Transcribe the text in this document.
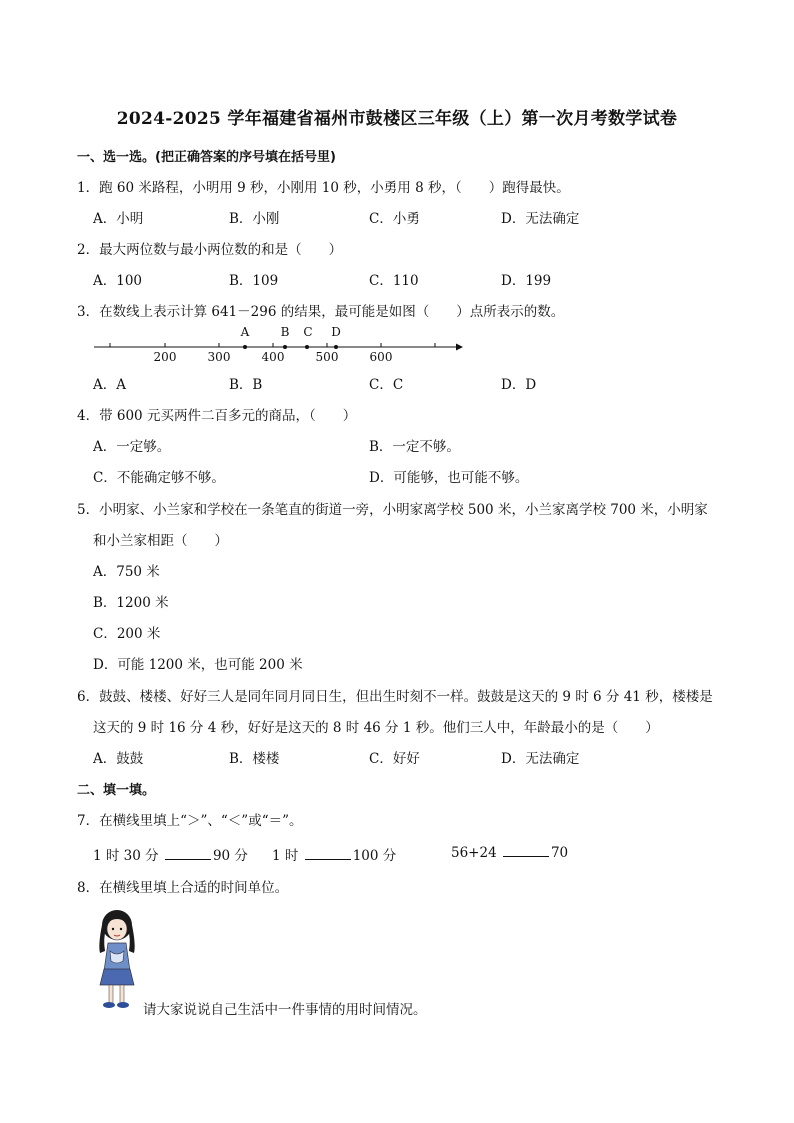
2024-2025 学年福建省福州市鼓楼区三年级（上）第一次月考数学试卷
一、选一选。(把正确答案的序号填在括号里)
1．跑 60 米路程，小明用 9 秒，小刚用 10 秒，小勇用 8 秒，（　　）跑得最快。
A．小明	B．小刚	C．小勇	D．无法确定
2．最大两位数与最小两位数的和是（　　）
A．100	B．109	C．110	D．199
3．在数线上表示计算 641－296 的结果，最可能是如图（　　）点所表示的数。
200	300	400	500	600
A	B C D
A．A	B．B	C．C	D．D
4．带 600 元买两件二百多元的商品，（　　）
A．一定够。	B．一定不够。
C．不能确定够不够。	D．可能够，也可能不够。
5．小明家、小兰家和学校在一条笔直的街道一旁，小明家离学校 500 米，小兰家离学校 700 米，小明家
和小兰家相距（　　）
A．750 米
B．1200 米
C．200 米
D．可能 1200 米，也可能 200 米
6．鼓鼓、楼楼、好好三人是同年同月同日生，但出生时刻不一样。鼓鼓是这天的 9 时 6 分 41 秒，楼楼是
这天的 9 时 16 分 4 秒，好好是这天的 8 时 46 分 1 秒。他们三人中，年龄最小的是（　　）
A．鼓鼓	B．楼楼	C．好好	D．无法确定
二、填一填。
7．在横线里填上“＞”、“＜”或“＝”。
1 时 30 分	90 分 1 时	100 分	56+24	70
8．在横线里填上合适的时间单位。
请大家说说自己生活中一件事情的用时间情况。
